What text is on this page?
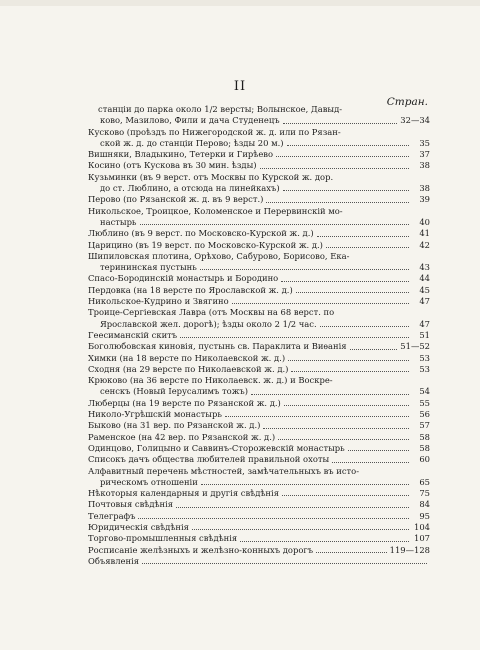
II
Стран.
станціи до парка около 1/2 версты; Волынское, Давыд-
ково, Мазилово, Фили и дача Студенецъ	32—34
Кусково (проѣздъ по Нижегородской ж. д. или по Рязан-
ской ж. д. до станціи Перово; ѣзды 20 м.)	35
Вишняки, Владыкино, Тетерки и Гирѣево	37
Косино (отъ Кускова въ 30 мин. ѣзды)	38
Кузьминки (въ 9 верст. отъ Москвы по Курской ж. дор.
до ст. Люблино, а отсюда на линейкахъ)	38
Перово (по Рязанской ж. д. въ 9 верст.)	39
Никольское, Троицкое, Коломенское и Перервинскій мо-
настырь	40
Люблино (въ 9 верст. по Московско-Курской ж. д.)	41
Царицино (въ 19 верст. по Московско-Курской ж. д.)	42
Шипиловская плотина, Орѣхово, Сабурово, Борисово, Ека-
терининская пустынь	43
Спасо-Бородинскій монастырь и Бородино	44
Пердовка (на 18 версте по Ярославской ж. д.)	45
Никольское-Кудрино и Звягино	47
Троице-Сергіевская Лавра (отъ Москвы на 68 верст. по
Ярославской жел. дорогѣ); ѣзды около 2 1/2 час.	47
Геесиманскій скитъ	51
Боголюбовская киновія, пустынь св. Параклита и Виѳанія	51—52
Химки (на 18 версте по Николаевской ж. д.)	53
Сходня (на 29 версте по Николаевской ж. д.)	53
Крюково (на 36 версте по Николаевск. ж. д.) и Воскре-
сенскъ (Новый Іерусалимъ тожъ)	54
Люберцы (на 19 версте по Рязанской ж. д.)	55
Николо-Угрѣшскій монастырь	56
Быково (на 31 вер. по Рязанской ж. д.)	57
Раменское (на 42 вер. по Рязанской ж. д.)	58
Одинцово, Голицыно и Саввинъ-Сторожевскій монастырь	58
Списокъ дачъ общества любителей правильной охоты	60
Алфавитный перечень мѣстностей, замѣчательныхъ въ исто-
рическомъ отношеніи	65
Нѣкоторыя календарныя и другія свѣдѣнія	75
Почтовыя свѣдѣнія	84
Телеграфъ	95
Юридическія свѣдѣнія	104
Торгово-промышленныя свѣдѣнія	107
Росписаніе желѣзныхъ и желѣзно-конныхъ дорогъ	119—128
Объявленія
